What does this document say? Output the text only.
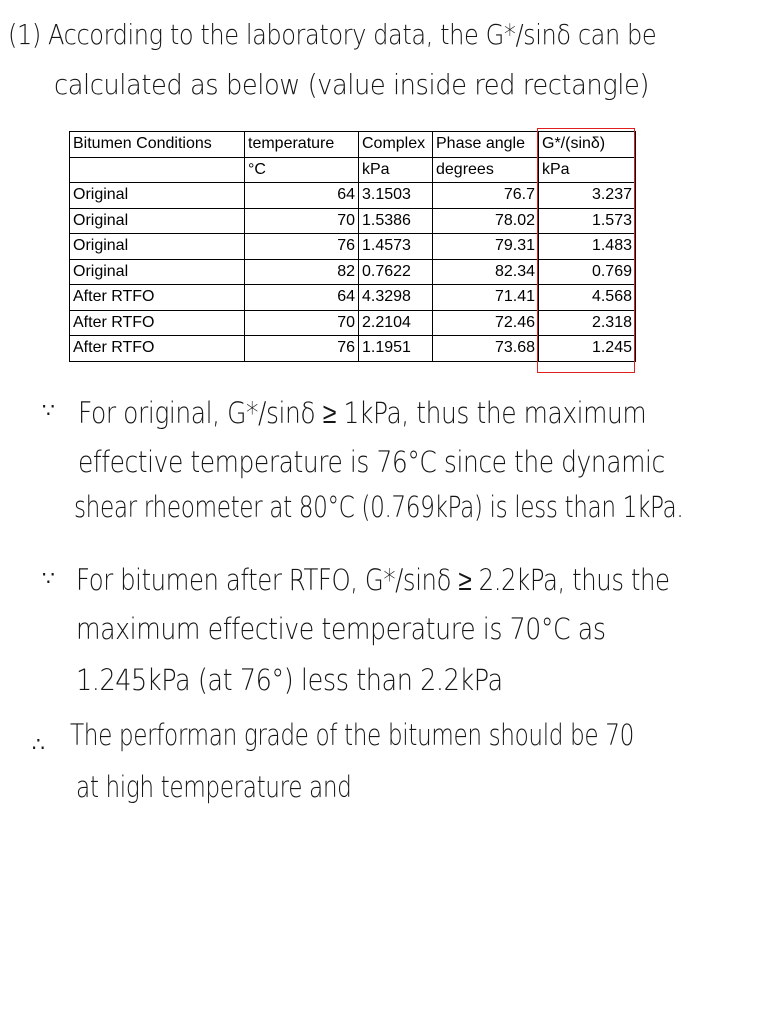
(1) According to the laboratory data, the G*/sinδ can be
calculated as below (value inside red rectangle)
Bitumen Conditions	temperature	Complex	Phase angle	G*/(sinδ)
	°C	kPa	degrees	kPa
Original	64	3.1503	76.7	3.237
Original	70	1.5386	78.02	1.573
Original	76	1.4573	79.31	1.483
Original	82	0.7622	82.34	0.769
After RTFO	64	4.3298	71.41	4.568
After RTFO	70	2.2104	72.46	2.318
After RTFO	76	1.1951	73.68	1.245
∵ For original, G*/sinδ ≥ 1kPa, thus the maximum
effective temperature is 76°C since the dynamic
shear rheometer at 80°C (0.769kPa) is less than 1kPa.
∵ For bitumen after RTFO, G*/sinδ ≥ 2.2kPa, thus the
maximum effective temperature is 70°C as
1.245kPa (at 76°) less than 2.2kPa
∴ The performan grade of the bitumen should be 70
at high temperature and
